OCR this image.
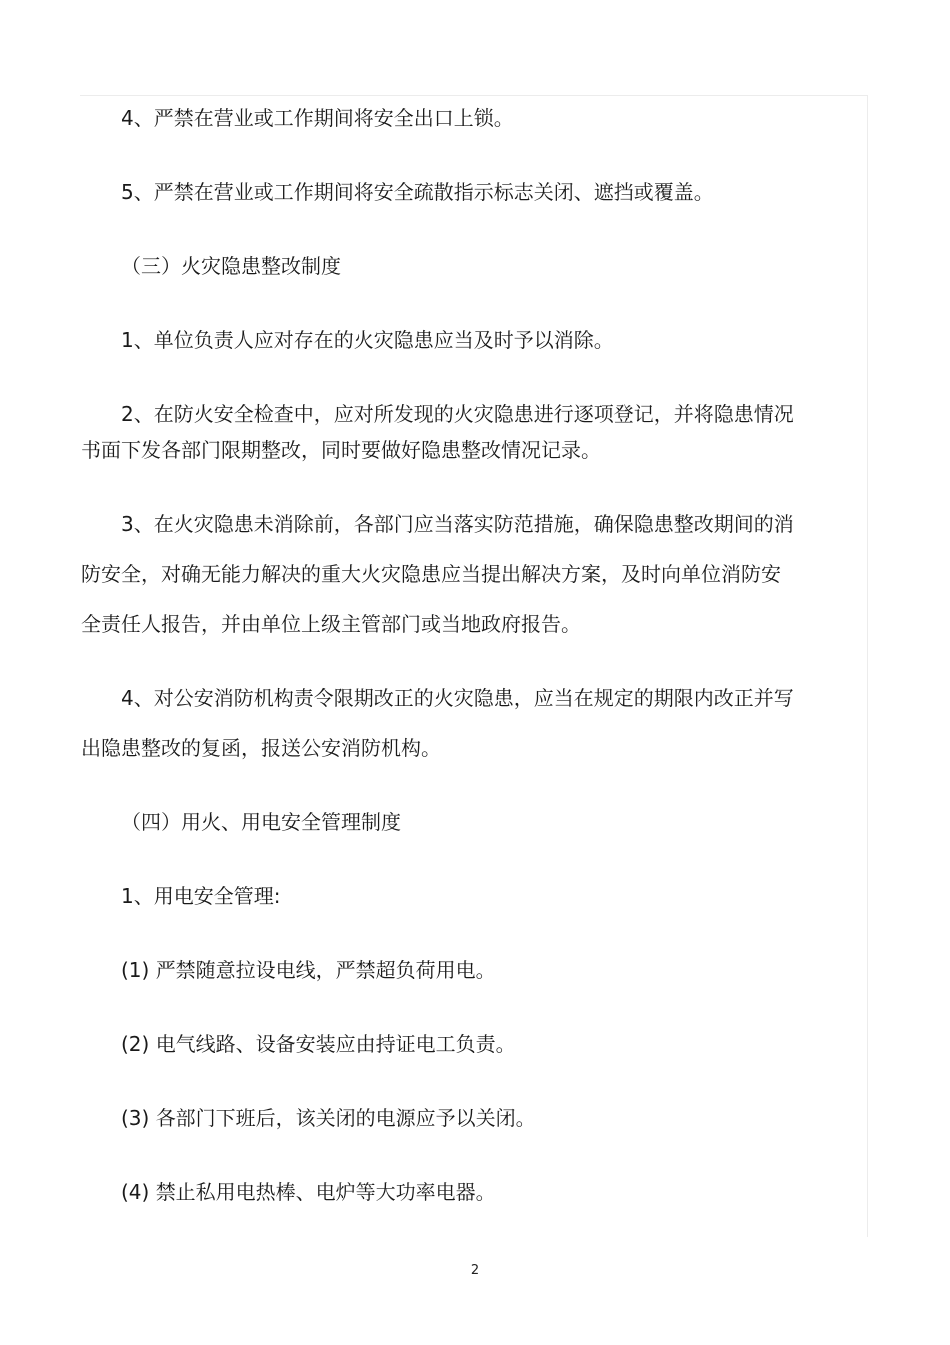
4、严禁在营业或工作期间将安全出口上锁。

5、严禁在营业或工作期间将安全疏散指示标志关闭、遮挡或覆盖。

（三）火灾隐患整改制度

1、单位负责人应对存在的火灾隐患应当及时予以消除。

2、在防火安全检查中，应对所发现的火灾隐患进行逐项登记，并将隐患情况
书面下发各部门限期整改，同时要做好隐患整改情况记录。

3、在火灾隐患未消除前，各部门应当落实防范措施，确保隐患整改期间的消
防安全，对确无能力解决的重大火灾隐患应当提出解决方案，及时向单位消防安
全责任人报告，并由单位上级主管部门或当地政府报告。

4、对公安消防机构责令限期改正的火灾隐患，应当在规定的期限内改正并写
出隐患整改的复函，报送公安消防机构。

（四）用火、用电安全管理制度

1、用电安全管理:

(1) 严禁随意拉设电线，严禁超负荷用电。

(2) 电气线路、设备安装应由持证电工负责。

(3) 各部门下班后，该关闭的电源应予以关闭。

(4) 禁止私用电热棒、电炉等大功率电器。

2
